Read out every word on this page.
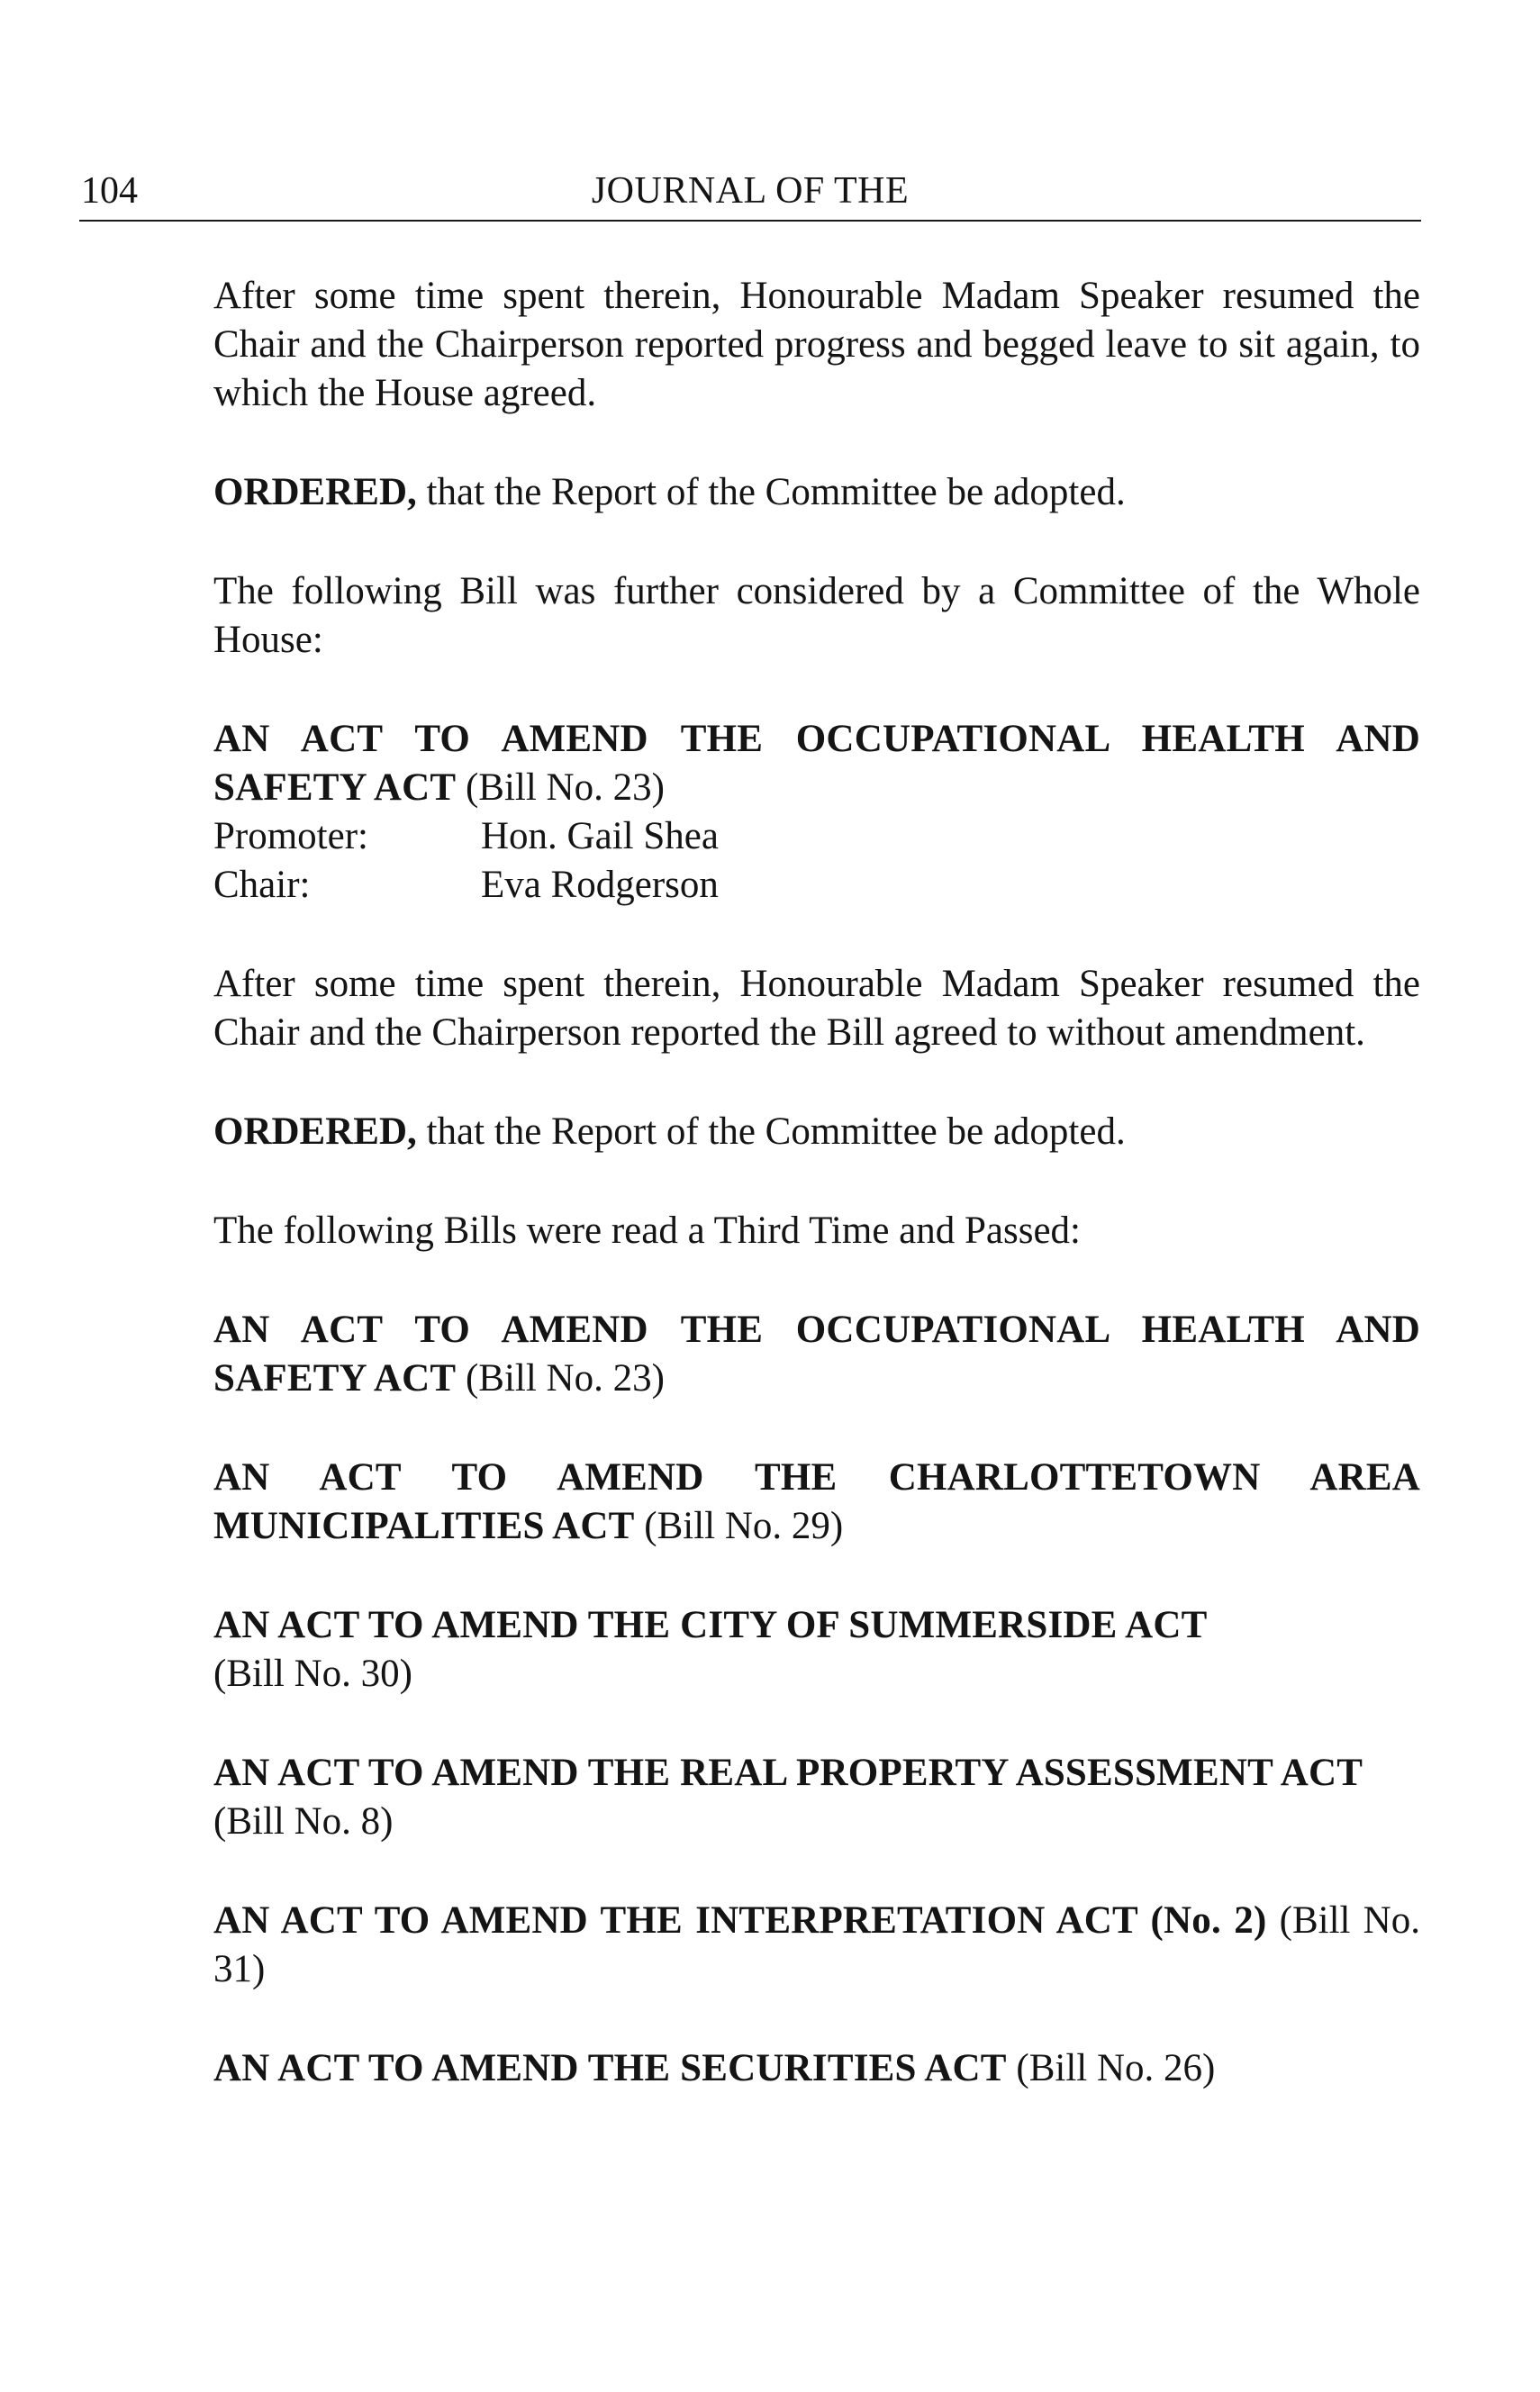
104	JOURNAL OF THE

After some time spent therein, Honourable Madam Speaker resumed the Chair and the Chairperson reported progress and begged leave to sit again, to which the House agreed.

ORDERED, that the Report of the Committee be adopted.

The following Bill was further considered by a Committee of the Whole House:

AN ACT TO AMEND THE OCCUPATIONAL HEALTH AND
SAFETY ACT (Bill No. 23)
Promoter:	Hon. Gail Shea
Chair:	Eva Rodgerson

After some time spent therein, Honourable Madam Speaker resumed the Chair and the Chairperson reported the Bill agreed to without amendment.

ORDERED, that the Report of the Committee be adopted.

The following Bills were read a Third Time and Passed:

AN ACT TO AMEND THE OCCUPATIONAL HEALTH AND
SAFETY ACT (Bill No. 23)
AN ACT TO AMEND THE CHARLOTTETOWN AREA
MUNICIPALITIES ACT (Bill No. 29)
AN ACT TO AMEND THE CITY OF SUMMERSIDE ACT
(Bill No. 30)
AN ACT TO AMEND THE REAL PROPERTY ASSESSMENT ACT
(Bill No. 8)
AN ACT TO AMEND THE INTERPRETATION ACT (No. 2) (Bill No.
31)
AN ACT TO AMEND THE SECURITIES ACT (Bill No. 26)
